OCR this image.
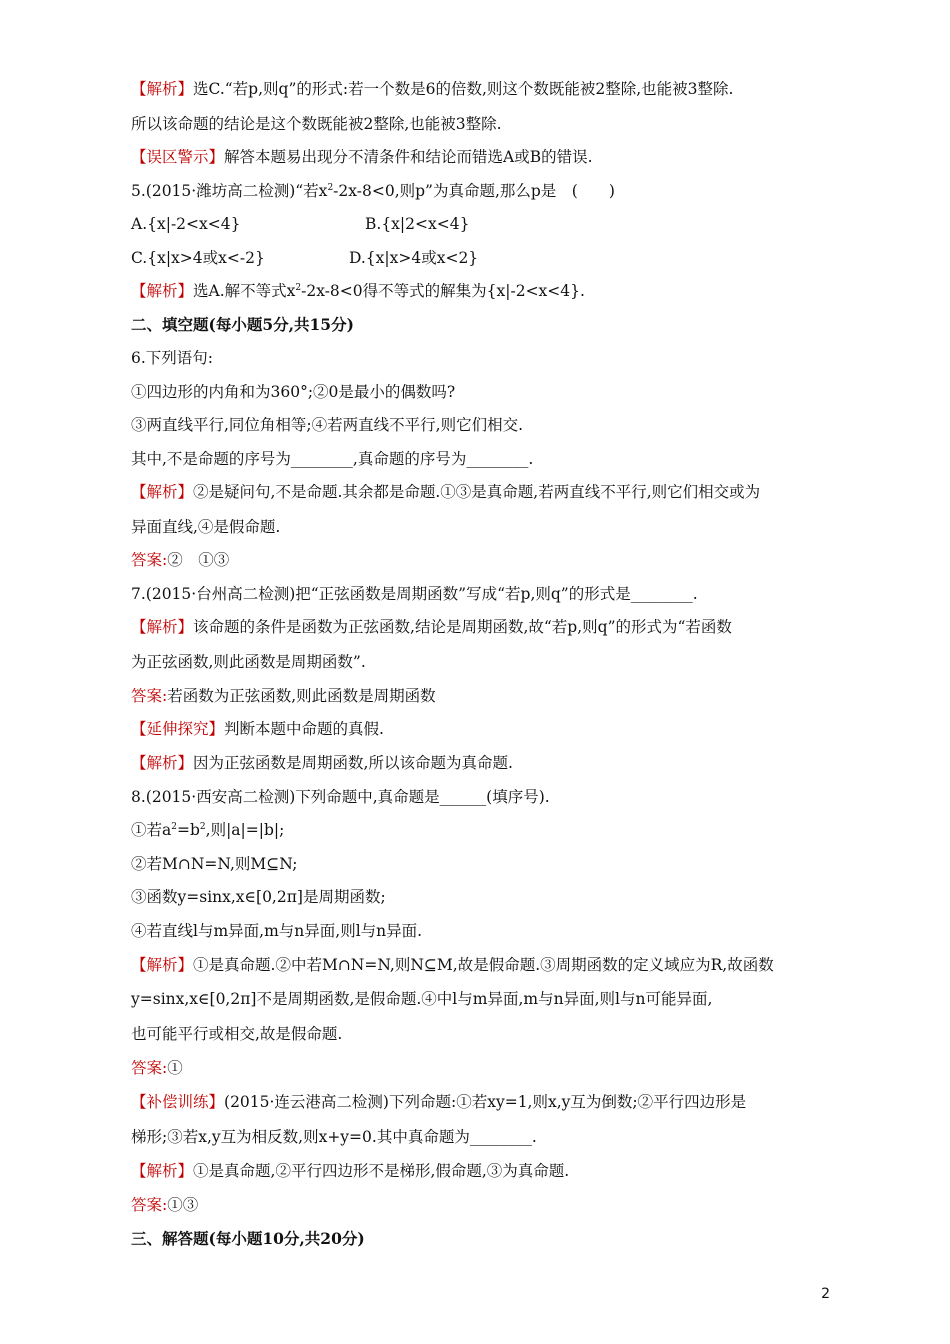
【解析】选C.“若p,则q”的形式:若一个数是6的倍数,则这个数既能被2整除,也能被3整除.
所以该命题的结论是这个数既能被2整除,也能被3整除.
【误区警示】解答本题易出现分不清条件和结论而错选A或B的错误.
5.(2015·潍坊高二检测)“若$x^2-2x-8<0$,则p”为真命题,那么p是　(　　)
A.{x|-2<x<4}	B.{x|2<x<4}
C.{x|x>4或x<-2}	D.{x|x>4或x<2}
【解析】选A.解不等式$x^2-2x-8<0$得不等式的解集为{x|-2<x<4}.
二、填空题(每小题5分,共15分)
6.下列语句:
①四边形的内角和为360°;②0是最小的偶数吗?
③两直线平行,同位角相等;④若两直线不平行,则它们相交.
其中,不是命题的序号为________,真命题的序号为________.
【解析】②是疑问句,不是命题.其余都是命题.①③是真命题,若两直线不平行,则它们相交或为
异面直线,④是假命题.
答案:②　①③
7.(2015·台州高二检测)把“正弦函数是周期函数”写成“若p,则q”的形式是________.
【解析】该命题的条件是函数为正弦函数,结论是周期函数,故“若p,则q”的形式为“若函数
为正弦函数,则此函数是周期函数”.
答案:若函数为正弦函数,则此函数是周期函数
【延伸探究】判断本题中命题的真假.
【解析】因为正弦函数是周期函数,所以该命题为真命题.
8.(2015·西安高二检测)下列命题中,真命题是______(填序号).
①若$a^2=b^2$,则|a|=|b|;
②若M∩N=N,则M⊆N;
③函数y=sinx,x∈[0,2π]是周期函数;
④若直线l与m异面,m与n异面,则l与n异面.
【解析】①是真命题.②中若M∩N=N,则N⊆M,故是假命题.③周期函数的定义域应为R,故函数
y=sinx,x∈[0,2π]不是周期函数,是假命题.④中l与m异面,m与n异面,则l与n可能异面,
也可能平行或相交,故是假命题.
答案:①
【补偿训练】(2015·连云港高二检测)下列命题:①若xy=1,则x,y互为倒数;②平行四边形是
梯形;③若x,y互为相反数,则x+y=0.其中真命题为________.
【解析】①是真命题,②平行四边形不是梯形,假命题,③为真命题.
答案:①③
三、解答题(每小题10分,共20分)
2
